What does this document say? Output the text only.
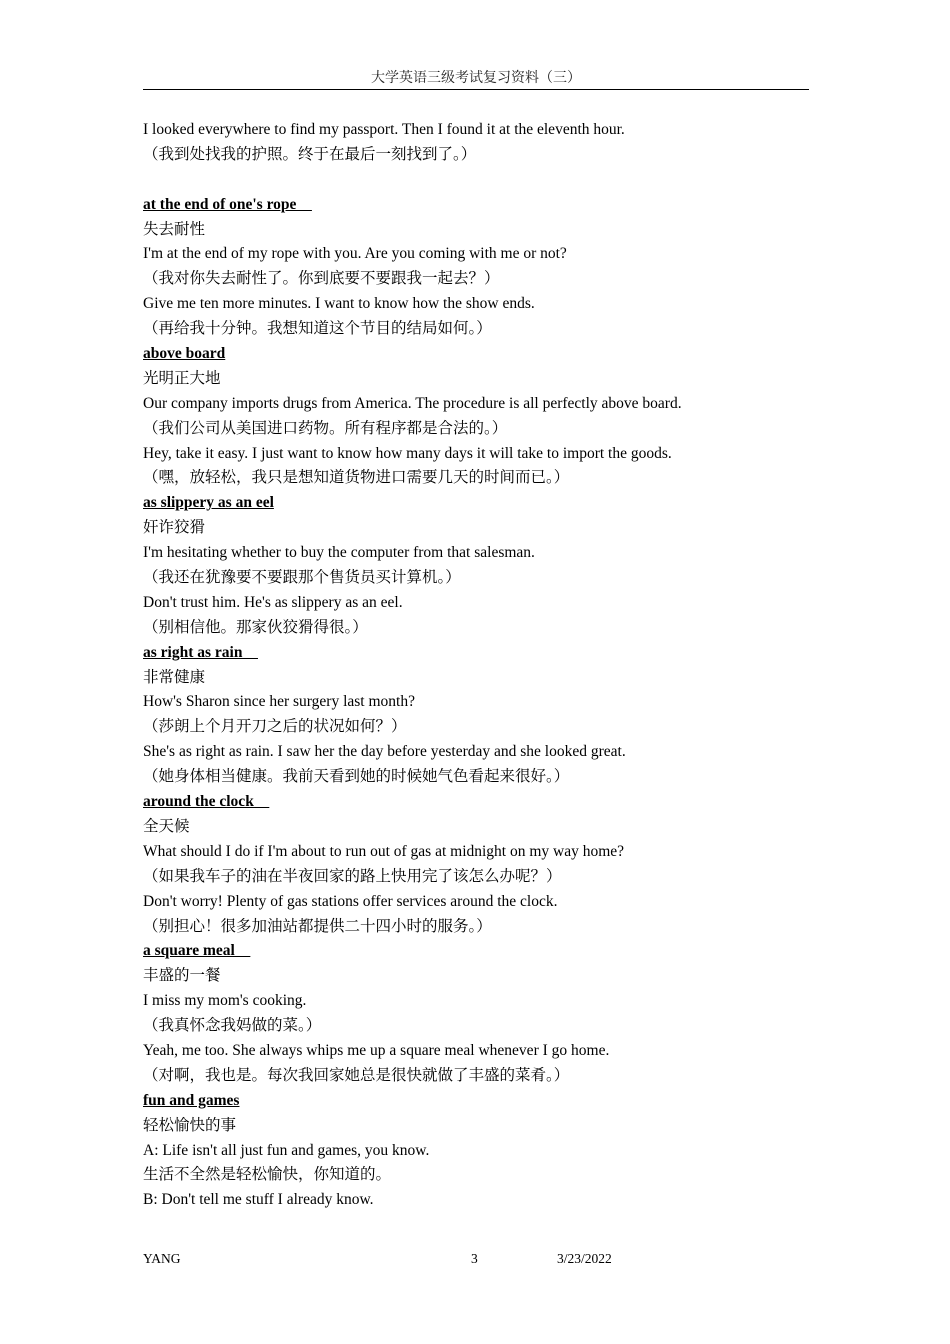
大学英语三级考试复习资料（三）
I looked everywhere to find my passport. Then I found it at the eleventh hour.
（我到处找我的护照。终于在最后一刻找到了。）
at the end of one's rope　
失去耐性
I'm at the end of my rope with you. Are you coming with me or not?
（我对你失去耐性了。你到底要不要跟我一起去？）
Give me ten more minutes. I want to know how the show ends.
（再给我十分钟。我想知道这个节目的结局如何。）
above board
光明正大地
Our company imports drugs from America. The procedure is all perfectly above board.
（我们公司从美国进口药物。所有程序都是合法的。）
Hey, take it easy. I just want to know how many days it will take to import the goods.
（嘿，放轻松，我只是想知道货物进口需要几天的时间而已。）
as slippery as an eel
奸诈狡猾
I'm hesitating whether to buy the computer from that salesman.
（我还在犹豫要不要跟那个售货员买计算机。）
Don't trust him. He's as slippery as an eel.
（别相信他。那家伙狡猾得很。）
as right as rain　
非常健康
How's Sharon since her surgery last month?
（莎朗上个月开刀之后的状况如何？）
She's as right as rain. I saw her the day before yesterday and she looked great.
（她身体相当健康。我前天看到她的时候她气色看起来很好。）
around the clock　
全天候
What should I do if I'm about to run out of gas at midnight on my way home?
（如果我车子的油在半夜回家的路上快用完了该怎么办呢？）
Don't worry! Plenty of gas stations offer services around the clock.
（别担心！很多加油站都提供二十四小时的服务。）
a square meal　
丰盛的一餐
I miss my mom's cooking.
（我真怀念我妈做的菜。）
Yeah, me too. She always whips me up a square meal whenever I go home.
（对啊，我也是。每次我回家她总是很快就做了丰盛的菜肴。）
fun and games
轻松愉快的事
A: Life isn't all just fun and games, you know.
生活不全然是轻松愉快，你知道的。
B: Don't tell me stuff I already know.
YANG	3	3/23/2022
